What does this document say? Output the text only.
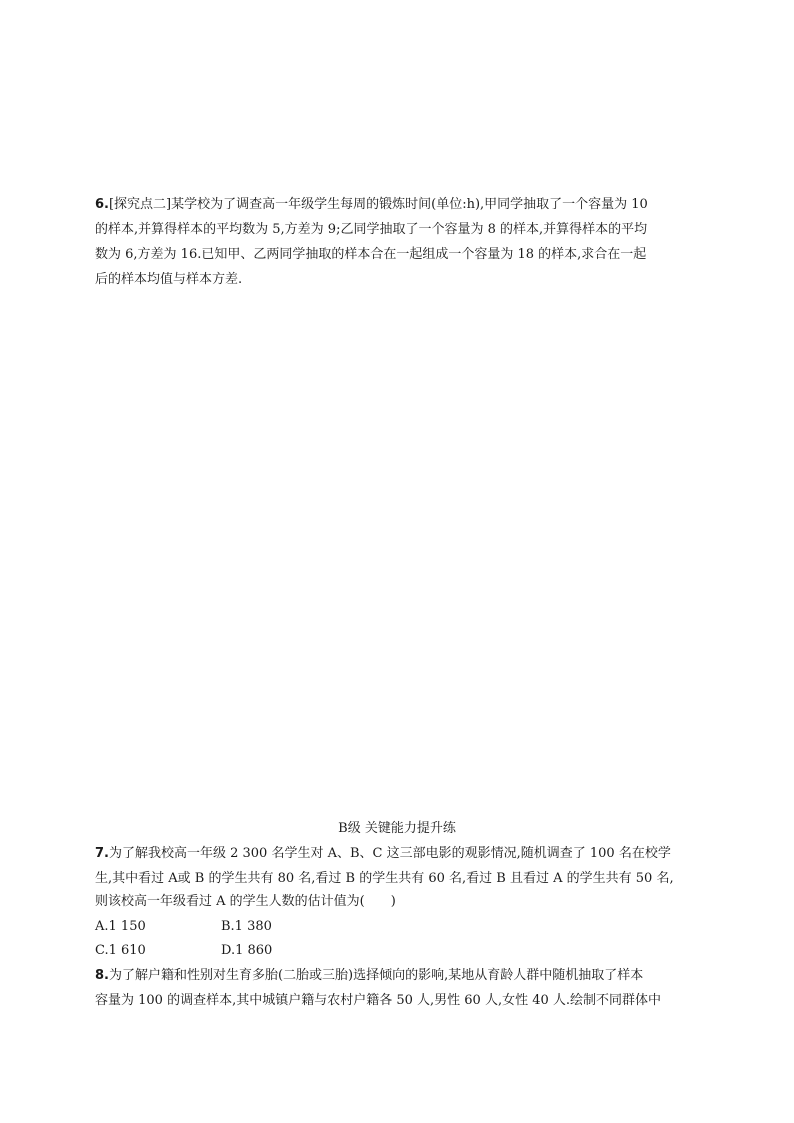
6.[探究点二]某学校为了调查高一年级学生每周的锻炼时间(单位:h),甲同学抽取了一个容量为 10
的样本,并算得样本的平均数为 5,方差为 9;乙同学抽取了一个容量为 8 的样本,并算得样本的平均
数为 6,方差为 16.已知甲、乙两同学抽取的样本合在一起组成一个容量为 18 的样本,求合在一起
后的样本均值与样本方差.
B级 关键能力提升练
7.为了解我校高一年级 2 300 名学生对 A、B、C 这三部电影的观影情况,随机调查了 100 名在校学
生,其中看过 A或 B 的学生共有 80 名,看过 B 的学生共有 60 名,看过 B 且看过 A 的学生共有 50 名,
则该校高一年级看过 A 的学生人数的估计值为(　　)
A.1 150	B.1 380
C.1 610	D.1 860
8.为了解户籍和性别对生育多胎(二胎或三胎)选择倾向的影响,某地从育龄人群中随机抽取了样本
容量为 100 的调查样本,其中城镇户籍与农村户籍各 50 人,男性 60 人,女性 40 人.绘制不同群体中
